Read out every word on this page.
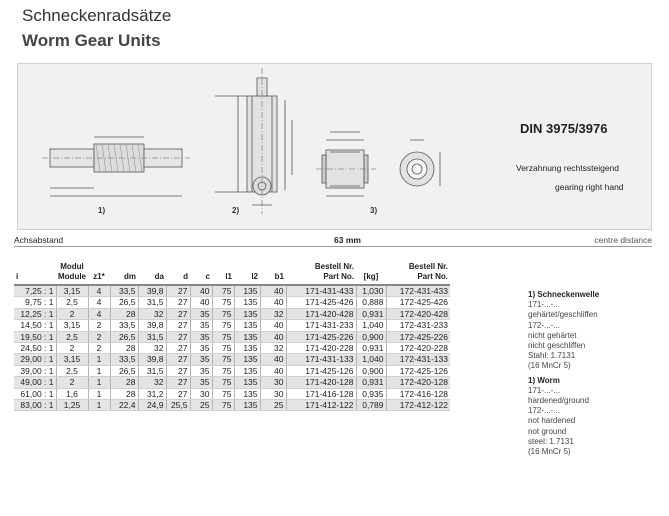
Schneckenradsätze
Worm Gear Units
1)	2)	3)
DIN 3975/3976
Verzahnung rechtssteigend
gearing right hand
Achsabstand	63 mm	centre distance
i	Modul
Module	z1*	dm	da	d	c	l1	l2	b1	Bestell Nr.
Part No.	[kg]	Bestell Nr.
Part No.
7,25 : 1	3,15	4	33,5	39,8	27	40	75	135	40	171-431-433	1,030	172-431-433
9,75 : 1	2,5	4	26,5	31,5	27	40	75	135	40	171-425-426	0,888	172-425-426
12,25 : 1	2	4	28	32	27	35	75	135	32	171-420-428	0,931	172-420-428
14,50 : 1	3,15	2	33,5	39,8	27	35	75	135	40	171-431-233	1,040	172-431-233
19,50 : 1	2,5	2	26,5	31,5	27	35	75	135	40	171-425-226	0,900	172-425-226
24,50 : 1	2	2	28	32	27	35	75	135	32	171-420-228	0,931	172-420-228
29,00 : 1	3,15	1	33,5	39,8	27	35	75	135	40	171-431-133	1,040	172-431-133
39,00 : 1	2,5	1	26,5	31,5	27	35	75	135	40	171-425-126	0,900	172-425-126
49,00 : 1	2	1	28	32	27	35	75	135	30	171-420-128	0,931	172-420-128
61,00 : 1	1,6	1	28	31,2	27	30	75	135	30	171-416-128	0,935	172-416-128
83,00 : 1	1,25	1	22,4	24,9	25,5	25	75	135	25	171-412-122	0,789	172-412-122
1) Schneckenwelle
171-...-...
gehärtet/geschliffen
172-...-...
nicht gehärtet
nicht geschliffen
Stahl: 1.7131
(16 MnCr 5)
1) Worm
171-...-...
hardened/ground
172-...-...
not hardened
not ground
steel: 1.7131
(16 MnCr 5)
